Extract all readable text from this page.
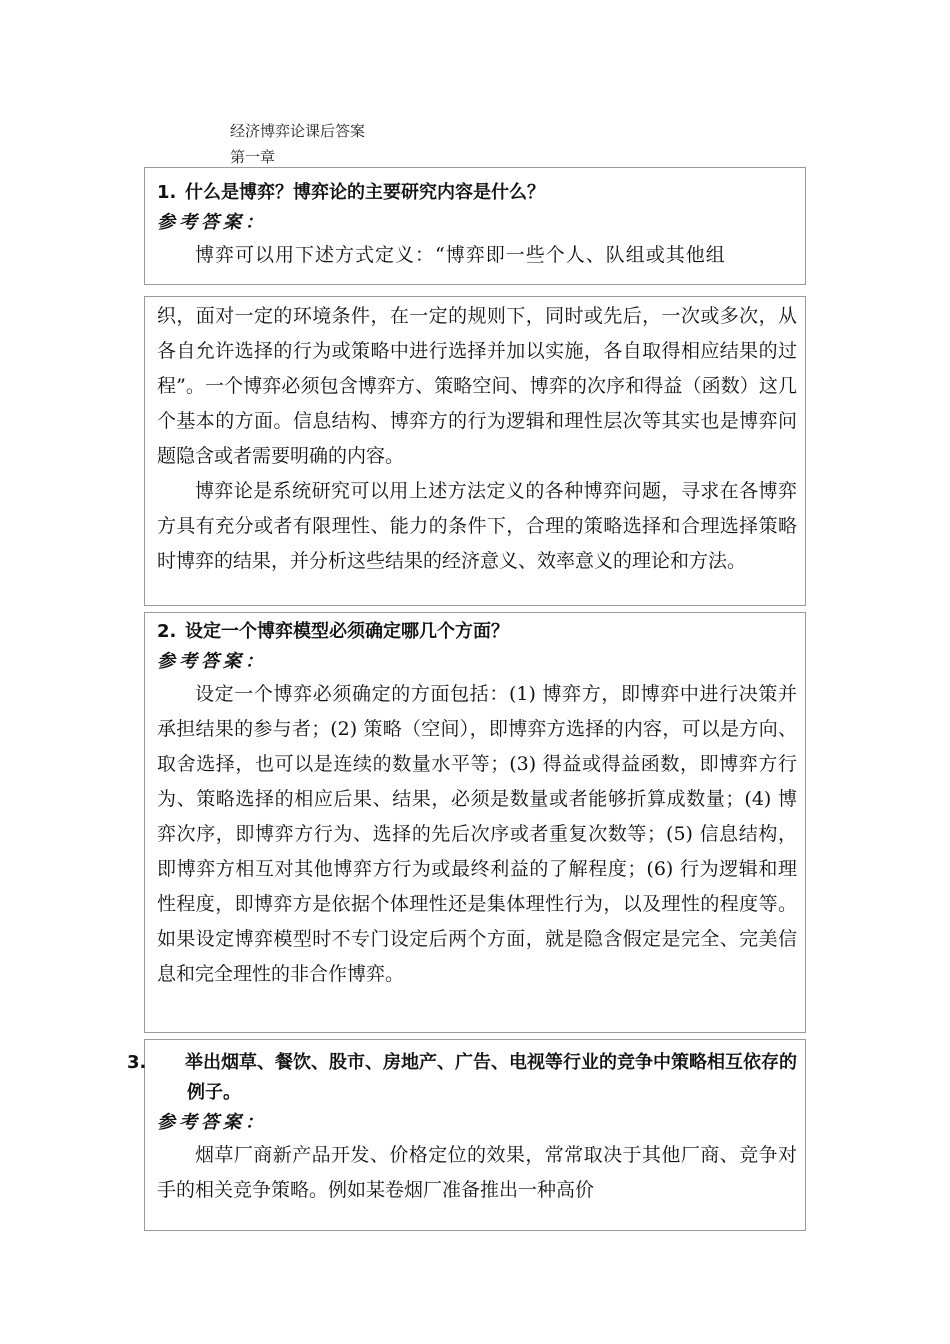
经济博弈论课后答案
第一章

1. 什么是博弈？博弈论的主要研究内容是什么？

参考答案：

博弈可以用下述方式定义：“博弈即一些个人、队组或其他组

织，面对一定的环境条件，在一定的规则下，同时或先后，一次或多次，从各自允许选择的行为或策略中进行选择并加以实施，各自取得相应结果的过程”。一个博弈必须包含博弈方、策略空间、博弈的次序和得益（函数）这几个基本的方面。信息结构、博弈方的行为逻辑和理性层次等其实也是博弈问题隐含或者需要明确的内容。

博弈论是系统研究可以用上述方法定义的各种博弈问题，寻求在各博弈方具有充分或者有限理性、能力的条件下，合理的策略选择和合理选择策略时博弈的结果，并分析这些结果的经济意义、效率意义的理论和方法。

2. 设定一个博弈模型必须确定哪几个方面？

参考答案：

设定一个博弈必须确定的方面包括：(1) 博弈方，即博弈中进行决策并承担结果的参与者；(2) 策略（空间），即博弈方选择的内容，可以是方向、取舍选择，也可以是连续的数量水平等；(3) 得益或得益函数，即博弈方行为、策略选择的相应后果、结果，必须是数量或者能够折算成数量；(4) 博弈次序，即博弈方行为、选择的先后次序或者重复次数等；(5) 信息结构，即博弈方相互对其他博弈方行为或最终利益的了解程度；(6) 行为逻辑和理性程度，即博弈方是依据个体理性还是集体理性行为，以及理性的程度等。如果设定博弈模型时不专门设定后两个方面，就是隐含假定是完全、完美信息和完全理性的非合作博弈。

3. 举出烟草、餐饮、股市、房地产、广告、电视等行业的竞争中策略相互依存的例子。

参考答案：

烟草厂商新产品开发、价格定位的效果，常常取决于其他厂商、竞争对手的相关竞争策略。例如某卷烟厂准备推出一种高价
